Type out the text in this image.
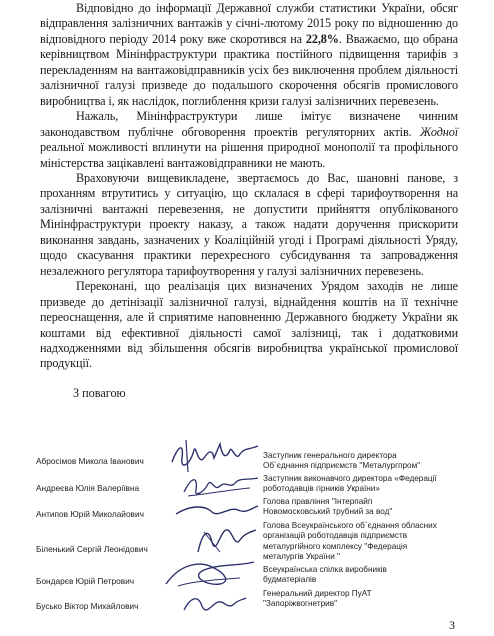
Відповідно до інформації Державної служби статистики України, обсяг відправлення залізничних вантажів у січні-лютому 2015 року по відношенню до відповідного періоду 2014 року вже скоротився на 22,8%. Вважаємо, що обрана керівництвом Мінінфраструктури практика постійного підвищення тарифів з перекладенням на вантажовідправників усіх без виключення проблем діяльності залізничної галузі призведе до подальшого скорочення обсягів промислового виробництва і, як наслідок, поглиблення кризи галузі залізничних перевезень.

Нажаль, Мінінфраструктури лише імітує визначене чинним законодавством публічне обговорення проектів регуляторних актів. Жодної реальної можливості вплинути на рішення природної монополії та профільного міністерства зацікавлені вантажовідправники не мають.

Враховуючи вищевикладене, звертаємось до Вас, шановні панове, з проханням втрутитись у ситуацію, що склалася в сфері тарифоутворення на залізничні вантажні перевезення, не допустити прийняття опублікованого Мінінфраструктури проекту наказу, а також надати доручення прискорити виконання завдань, зазначених у Коаліційній угоді і Програмі діяльності Уряду, щодо скасування практики перехресного субсидування та запровадження незалежного регулятора тарифоутворення у галузі залізничних перевезень.

Переконані, що реалізація цих визначених Урядом заходів не лише призведе до детінізації залізничної галузі, віднайдення коштів на її технічне переоснащення, але й сприятиме наповненню Державного бюджету України як коштами від ефективної діяльності самої залізниці, так і додатковими надходженнями від збільшення обсягів виробництва української промислової продукції.

З повагою
Абросімов Микола Іванович
Андреєва Юлія Валеріївна
Антипов Юрій Миколайович
Біленький Сергій Леонідович
Бондарєв Юрій Петрович
Буськo Віктор Михайлович
Заступник генерального директора
Об`єднання підприємств "Металургпром"
Заступник виконавчого директора «Федерації
роботодавців гірників України»
Голова правління "Інтерпайп
Новомосковський трубний за вод"
Голова Всеукраїнського об`єднання обласних
організацій роботодавців підприємств
металургійного комплексу "Федерація
металургів України "
Всеукраїнська спілка виробників
будматеріалів
Генеральний директор ПуАТ
"Запоріжвогнетрив"
3
